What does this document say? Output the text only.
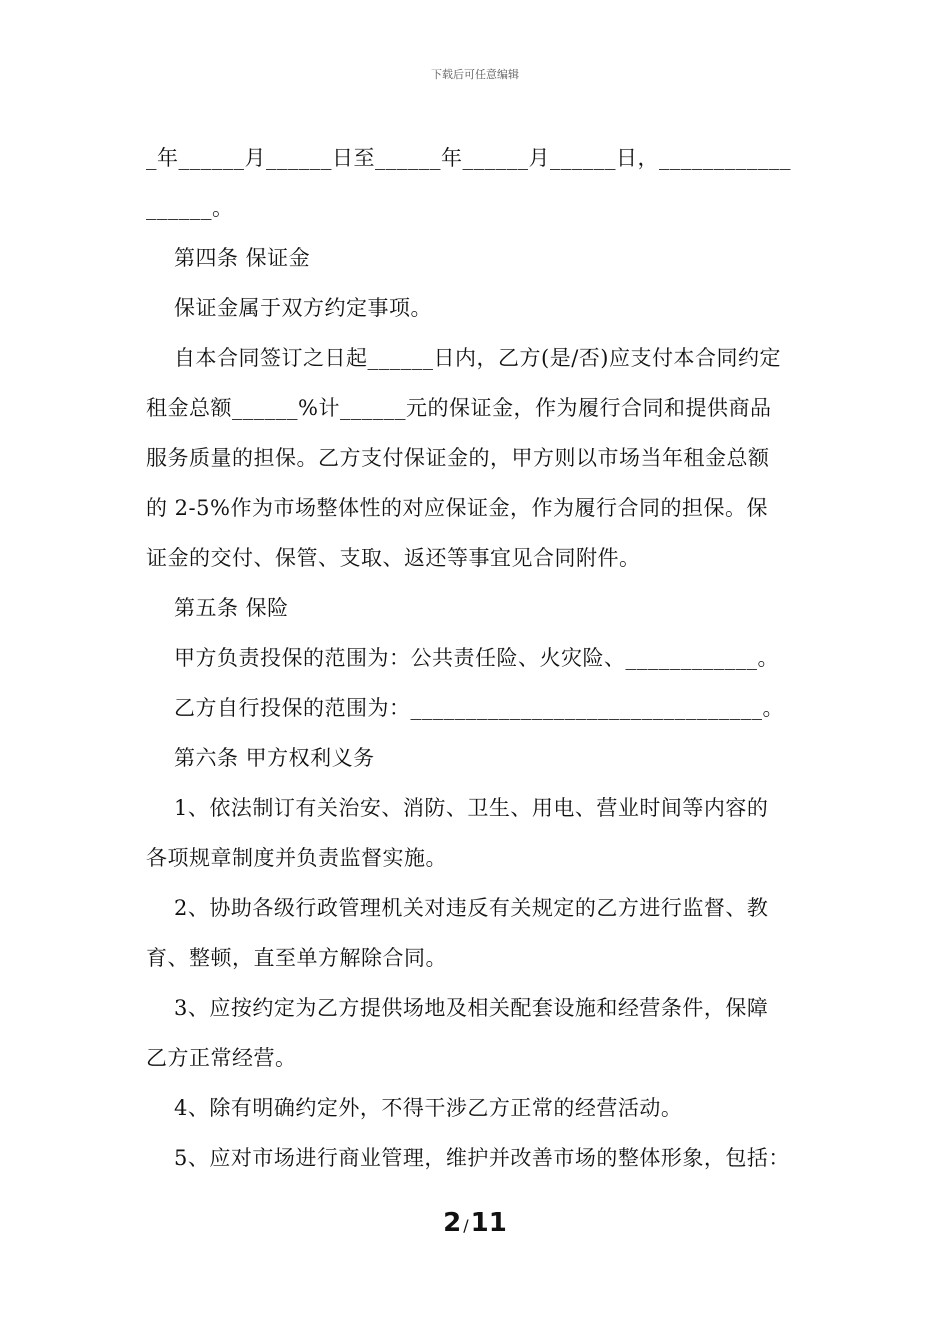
下载后可任意编辑
_年______月______日至______年______月______日，____________
______。
第四条 保证金
保证金属于双方约定事项。
自本合同签订之日起______日内，乙方(是/否)应支付本合同约定
租金总额______%计______元的保证金，作为履行合同和提供商品
服务质量的担保。乙方支付保证金的，甲方则以市场当年租金总额
的 2-5%作为市场整体性的对应保证金，作为履行合同的担保。保
证金的交付、保管、支取、返还等事宜见合同附件。
第五条 保险
甲方负责投保的范围为：公共责任险、火灾险、____________。
乙方自行投保的范围为：________________________________。
第六条 甲方权利义务
1、依法制订有关治安、消防、卫生、用电、营业时间等内容的
各项规章制度并负责监督实施。
2、协助各级行政管理机关对违反有关规定的乙方进行监督、教
育、整顿，直至单方解除合同。
3、应按约定为乙方提供场地及相关配套设施和经营条件，保障
乙方正常经营。
4、除有明确约定外，不得干涉乙方正常的经营活动。
5、应对市场进行商业管理，维护并改善市场的整体形象，包括：
2 /11
